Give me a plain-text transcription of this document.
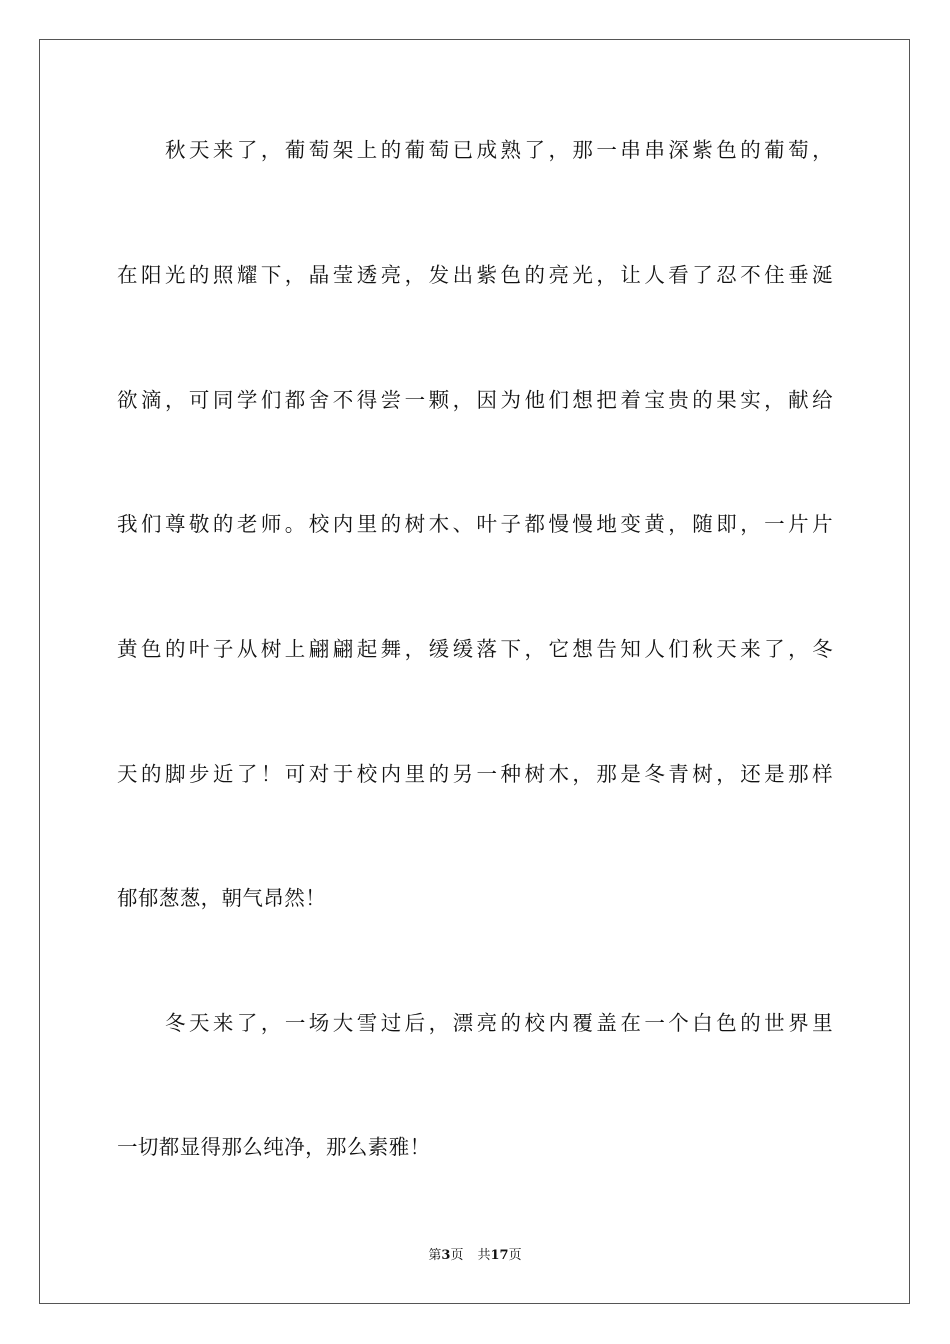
秋天来了，葡萄架上的葡萄已成熟了，那一串串深紫色的葡萄，
在阳光的照耀下，晶莹透亮，发出紫色的亮光，让人看了忍不住垂涎
欲滴，可同学们都舍不得尝一颗，因为他们想把着宝贵的果实，献给
我们尊敬的老师。校内里的树木、叶子都慢慢地变黄，随即，一片片
黄色的叶子从树上翩翩起舞，缓缓落下，它想告知人们秋天来了，冬
天的脚步近了！可对于校内里的另一种树木，那是冬青树，还是那样
郁郁葱葱，朝气昂然！
冬天来了，一场大雪过后，漂亮的校内覆盖在一个白色的世界里
一切都显得那么纯净，那么素雅！
第3页 共17页
